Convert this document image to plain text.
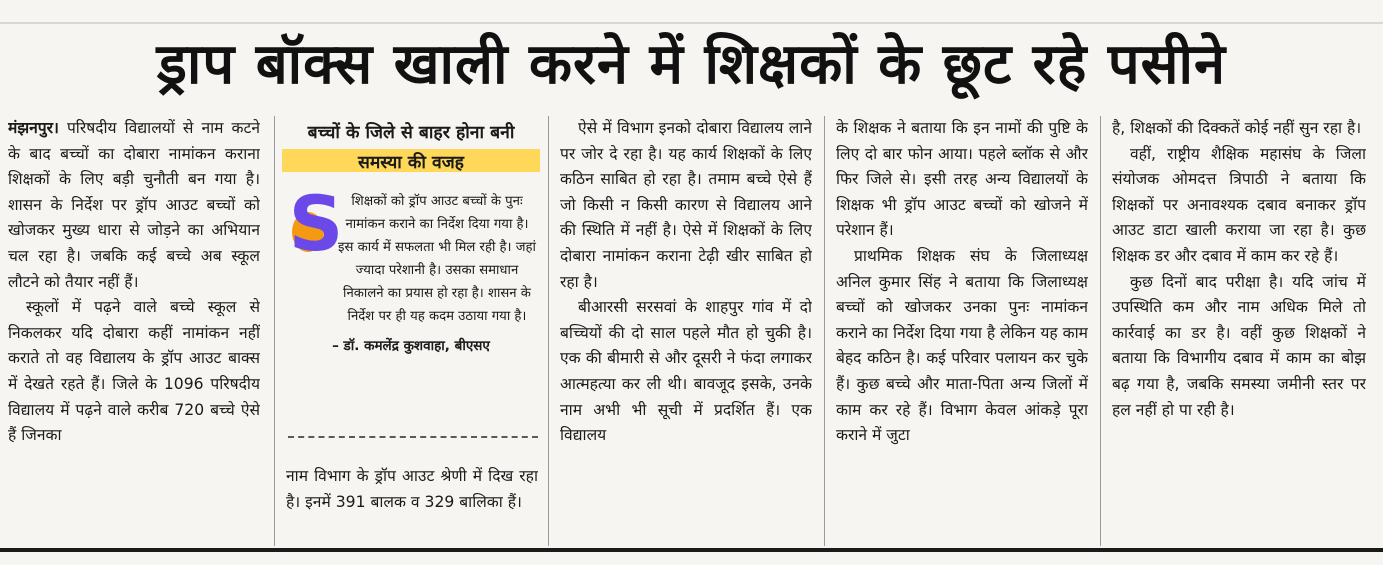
ड्राप बॉक्स खाली करने में शिक्षकों के छूट रहे पसीने

मंझनपुर। परिषदीय विद्यालयों से नाम कटने के बाद बच्चों का दोबारा नामांकन कराना शिक्षकों के लिए बड़ी चुनौती बन गया है। शासन के निर्देश पर ड्रॉप आउट बच्चों को खोजकर मुख्य धारा से जोड़ने का अभियान चल रहा है। जबकि कई बच्चे अब स्कूल लौटने को तैयार नहीं हैं।

स्कूलों में पढ़ने वाले बच्चे स्कूल से निकलकर यदि दोबारा कहीं नामांकन नहीं कराते तो वह विद्यालय के ड्रॉप आउट बाक्स में देखते रहते हैं। जिले के 1096 परिषदीय विद्यालय में पढ़ने वाले करीब 720 बच्चे ऐसे हैं जिनका

बच्चों के जिले से बाहर होना बनी समस्या की वजह
S शिक्षकों को ड्रॉप आउट बच्चों के पुनः नामांकन कराने का निर्देश दिया गया है। इस कार्य में सफलता भी मिल रही है। जहां ज्यादा परेशानी है। उसका समाधान निकालने का प्रयास हो रहा है। शासन के निर्देश पर ही यह कदम उठाया गया है।
– डॉ. कमलेंद्र कुशवाहा, बीएसए
नाम विभाग के ड्रॉप आउट श्रेणी में दिख रहा है। इनमें 391 बालक व 329 बालिका हैं।

ऐसे में विभाग इनको दोबारा विद्यालय लाने पर जोर दे रहा है। यह कार्य शिक्षकों के लिए कठिन साबित हो रहा है। तमाम बच्चे ऐसे हैं जो किसी न किसी कारण से विद्यालय आने की स्थिति में नहीं है। ऐसे में शिक्षकों के लिए दोबारा नामांकन कराना टेढ़ी खीर साबित हो रहा है।

बीआरसी सरसवां के शाहपुर गांव में दो बच्चियों की दो साल पहले मौत हो चुकी है। एक की बीमारी से और दूसरी ने फंदा लगाकर आत्महत्या कर ली थी। बावजूद इसके, उनके नाम अभी भी सूची में प्रदर्शित हैं। एक विद्यालय

के शिक्षक ने बताया कि इन नामों की पुष्टि के लिए दो बार फोन आया। पहले ब्लॉक से और फिर जिले से। इसी तरह अन्य विद्यालयों के शिक्षक भी ड्रॉप आउट बच्चों को खोजने में परेशान हैं।

प्राथमिक शिक्षक संघ के जिलाध्यक्ष अनिल कुमार सिंह ने बताया कि जिलाध्यक्ष बच्चों को खोजकर उनका पुनः नामांकन कराने का निर्देश दिया गया है लेकिन यह काम बेहद कठिन है। कई परिवार पलायन कर चुके हैं। कुछ बच्चे और माता-पिता अन्य जिलों में काम कर रहे हैं। विभाग केवल आंकड़े पूरा कराने में जुटा

है, शिक्षकों की दिक्कतें कोई नहीं सुन रहा है।

वहीं, राष्ट्रीय शैक्षिक महासंघ के जिला संयोजक ओमदत्त त्रिपाठी ने बताया कि शिक्षकों पर अनावश्यक दबाव बनाकर ड्रॉप आउट डाटा खाली कराया जा रहा है। कुछ शिक्षक डर और दबाव में काम कर रहे हैं।

कुछ दिनों बाद परीक्षा है। यदि जांच में उपस्थिति कम और नाम अधिक मिले तो कार्रवाई का डर है। वहीं कुछ शिक्षकों ने बताया कि विभागीय दबाव में काम का बोझ बढ़ गया है, जबकि समस्या जमीनी स्तर पर हल नहीं हो पा रही है।
